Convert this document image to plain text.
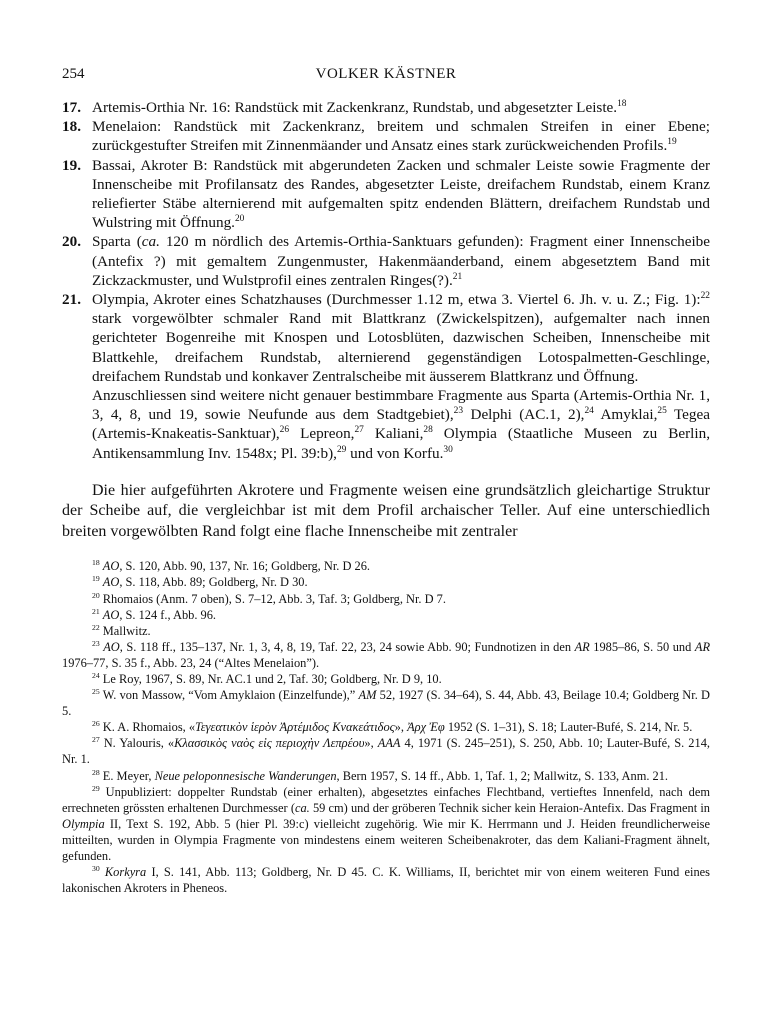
254	VOLKER KÄSTNER
17. Artemis-Orthia Nr. 16: Randstück mit Zackenkranz, Rundstab, und abgesetzter Leiste.$^{18}$
18. Menelaion: Randstück mit Zackenkranz, breitem und schmalen Streifen in einer Ebene; zurückgestufter Streifen mit Zinnenmäander und Ansatz eines stark zurückweichenden Profils.$^{19}$
19. Bassai, Akroter B: Randstück mit abgerundeten Zacken und schmaler Leiste sowie Fragmente der Innenscheibe mit Profilansatz des Randes, abgesetzter Leiste, dreifachem Rundstab, einem Kranz reliefierter Stäbe alternierend mit aufgemalten spitz endenden Blättern, dreifachem Rundstab und Wulstring mit Öffnung.$^{20}$
20. Sparta (ca. 120 m nördlich des Artemis-Orthia-Sanktuars gefunden): Fragment einer Innenscheibe (Antefix ?) mit gemaltem Zungenmuster, Hakenmäanderband, einem abgesetztem Band mit Zickzackmuster, und Wulstprofil eines zentralen Ringes(?).$^{21}$
21. Olympia, Akroter eines Schatzhauses (Durchmesser 1.12 m, etwa 3. Viertel 6. Jh. v. u. Z.; Fig. 1):$^{22}$ stark vorgewölbter schmaler Rand mit Blattkranz (Zwickelspitzen), aufgemalter nach innen gerichteter Bogenreihe mit Knospen und Lotosblüten, dazwischen Scheiben, Innenscheibe mit Blattkehle, dreifachem Rundstab, alternierend gegenständigen Lotospalmetten-Geschlinge, dreifachem Rundstab und konkaver Zentralscheibe mit äusserem Blattkranz und Öffnung.
Anzuschliessen sind weitere nicht genauer bestimmbare Fragmente aus Sparta (Artemis-Orthia Nr. 1, 3, 4, 8, und 19, sowie Neufunde aus dem Stadtgebiet),$^{23}$ Delphi (AC.1, 2),$^{24}$ Amyklai,$^{25}$ Tegea (Artemis-Knakeatis-Sanktuar),$^{26}$ Lepreon,$^{27}$ Kaliani,$^{28}$ Olympia (Staatliche Museen zu Berlin, Antikensammlung Inv. 1548x; Pl. 39:b),$^{29}$ und von Korfu.$^{30}$

Die hier aufgeführten Akrotere und Fragmente weisen eine grundsätzlich gleichartige Struktur der Scheibe auf, die vergleichbar ist mit dem Profil archaischer Teller. Auf eine unterschiedlich breiten vorgewölbten Rand folgt eine flache Innenscheibe mit zentraler

$^{18}$ AO, S. 120, Abb. 90, 137, Nr. 16; Goldberg, Nr. D 26.

$^{19}$ AO, S. 118, Abb. 89; Goldberg, Nr. D 30.

$^{20}$ Rhomaios (Anm. 7 oben), S. 7–12, Abb. 3, Taf. 3; Goldberg, Nr. D 7.

$^{21}$ AO, S. 124 f., Abb. 96.

$^{22}$ Mallwitz.

$^{23}$ AO, S. 118 ff., 135–137, Nr. 1, 3, 4, 8, 19, Taf. 22, 23, 24 sowie Abb. 90; Fundnotizen in den AR 1985–86, S. 50 und AR 1976–77, S. 35 f., Abb. 23, 24 (“Altes Menelaion”).

$^{24}$ Le Roy, 1967, S. 89, Nr. AC.1 und 2, Taf. 30; Goldberg, Nr. D 9, 10.

$^{25}$ W. von Massow, “Vom Amyklaion (Einzelfunde),” AM 52, 1927 (S. 34–64), S. 44, Abb. 43, Beilage 10.4; Goldberg Nr. D 5.

$^{26}$ K. A. Rhomaios, «Τεγεατικὸν ἱερὸν Ἀρτέμιδος Κνακεάτιδος», Ἀρχ Ἐφ 1952 (S. 1–31), S. 18; Lauter-Bufé, S. 214, Nr. 5.

$^{27}$ N. Yalouris, «Κλασσικὸς ναὸς εἰς περιοχὴν Λεπρέου», AAA 4, 1971 (S. 245–251), S. 250, Abb. 10; Lauter-Bufé, S. 214, Nr. 1.

$^{28}$ E. Meyer, Neue peloponnesische Wanderungen, Bern 1957, S. 14 ff., Abb. 1, Taf. 1, 2; Mallwitz, S. 133, Anm. 21.

$^{29}$ Unpubliziert: doppelter Rundstab (einer erhalten), abgesetztes einfaches Flechtband, vertieftes Innenfeld, nach dem errechneten grössten erhaltenen Durchmesser (ca. 59 cm) und der gröberen Technik sicher kein Heraion-Antefix. Das Fragment in Olympia II, Text S. 192, Abb. 5 (hier Pl. 39:c) vielleicht zugehörig. Wie mir K. Herrmann und J. Heiden freundlicherweise mitteilten, wurden in Olympia Fragmente von mindestens einem weiteren Scheibenakroter, das dem Kaliani-Fragment ähnelt, gefunden.

$^{30}$ Korkyra I, S. 141, Abb. 113; Goldberg, Nr. D 45. C. K. Williams, II, berichtet mir von einem weiteren Fund eines lakonischen Akroters in Pheneos.
